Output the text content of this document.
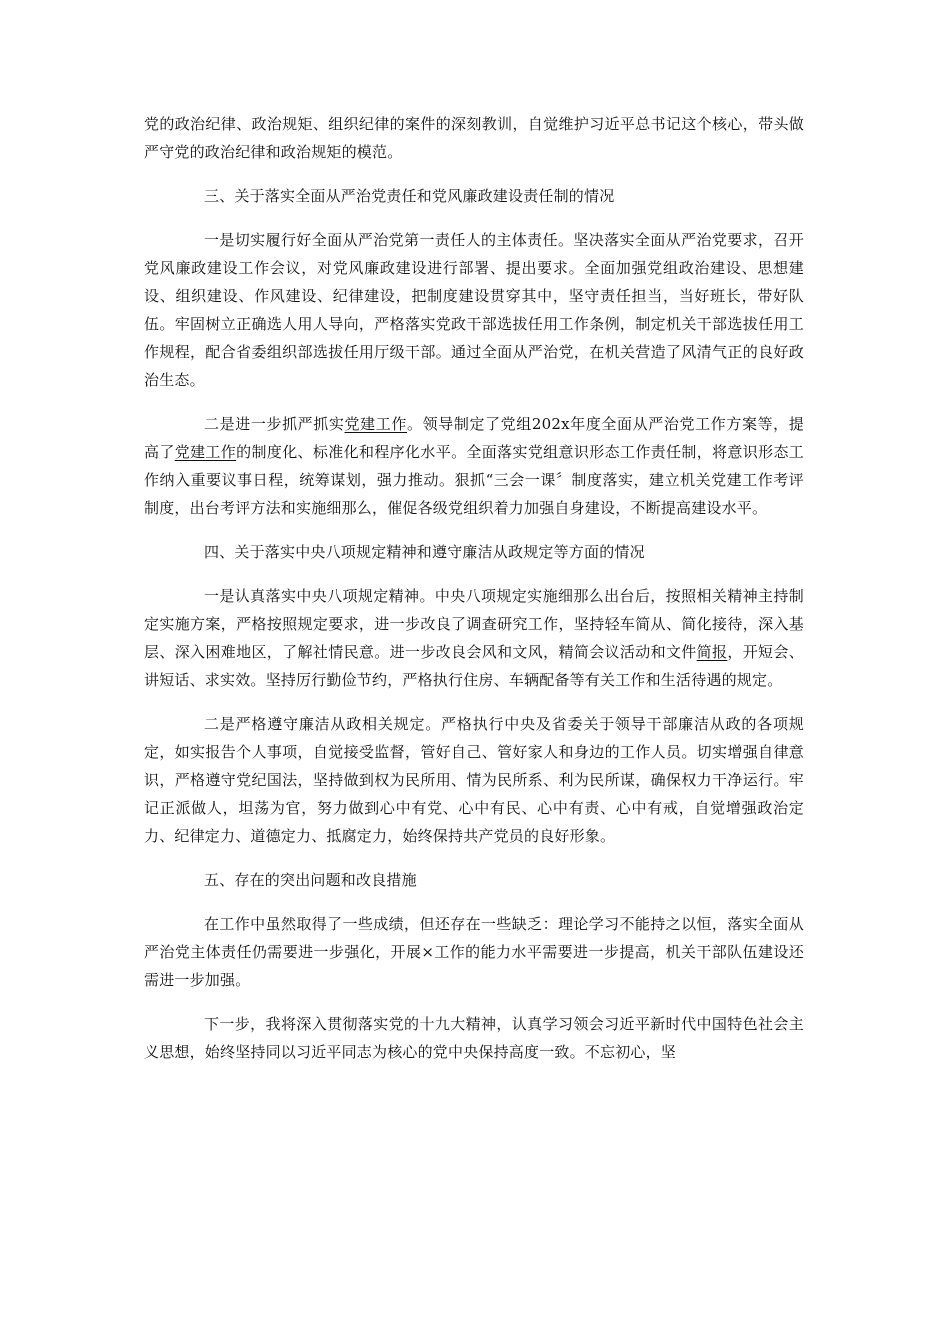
党的政治纪律、政治规矩、组织纪律的案件的深刻教训，自觉维护习近平总书记这个核心，带头做严守党的政治纪律和政治规矩的模范。

三、关于落实全面从严治党责任和党风廉政建设责任制的情况

一是切实履行好全面从严治党第一责任人的主体责任。坚决落实全面从严治党要求，召开党风廉政建设工作会议，对党风廉政建设进行部署、提出要求。全面加强党组政治建设、思想建设、组织建设、作风建设、纪律建设，把制度建设贯穿其中，坚守责任担当，当好班长，带好队伍。牢固树立正确选人用人导向，严格落实党政干部选拔任用工作条例，制定机关干部选拔任用工作规程，配合省委组织部选拔任用厅级干部。通过全面从严治党，在机关营造了风清气正的良好政治生态。

二是进一步抓严抓实党建工作。领导制定了党组202x年度全面从严治党工作方案等，提高了党建工作的制度化、标准化和程序化水平。全面落实党组意识形态工作责任制，将意识形态工作纳入重要议事日程，统筹谋划，强力推动。狠抓“三会一课〞制度落实，建立机关党建工作考评制度，出台考评方法和实施细那么，催促各级党组织着力加强自身建设，不断提高建设水平。

四、关于落实中央八项规定精神和遵守廉洁从政规定等方面的情况

一是认真落实中央八项规定精神。中央八项规定实施细那么出台后，按照相关精神主持制定实施方案，严格按照规定要求，进一步改良了调查研究工作，坚持轻车简从、简化接待，深入基层、深入困难地区，了解社情民意。进一步改良会风和文风，精简会议活动和文件简报，开短会、讲短话、求实效。坚持厉行勤俭节约，严格执行住房、车辆配备等有关工作和生活待遇的规定。

二是严格遵守廉洁从政相关规定。严格执行中央及省委关于领导干部廉洁从政的各项规定，如实报告个人事项，自觉接受监督，管好自己、管好家人和身边的工作人员。切实增强自律意识，严格遵守党纪国法，坚持做到权为民所用、情为民所系、利为民所谋，确保权力干净运行。牢记正派做人，坦荡为官，努力做到心中有党、心中有民、心中有责、心中有戒，自觉增强政治定力、纪律定力、道德定力、抵腐定力，始终保持共产党员的良好形象。

五、存在的突出问题和改良措施

在工作中虽然取得了一些成绩，但还存在一些缺乏：理论学习不能持之以恒，落实全面从严治党主体责任仍需要进一步强化，开展×工作的能力水平需要进一步提高，机关干部队伍建设还需进一步加强。

下一步，我将深入贯彻落实党的十九大精神，认真学习领会习近平新时代中国特色社会主义思想，始终坚持同以习近平同志为核心的党中央保持高度一致。不忘初心，坚
